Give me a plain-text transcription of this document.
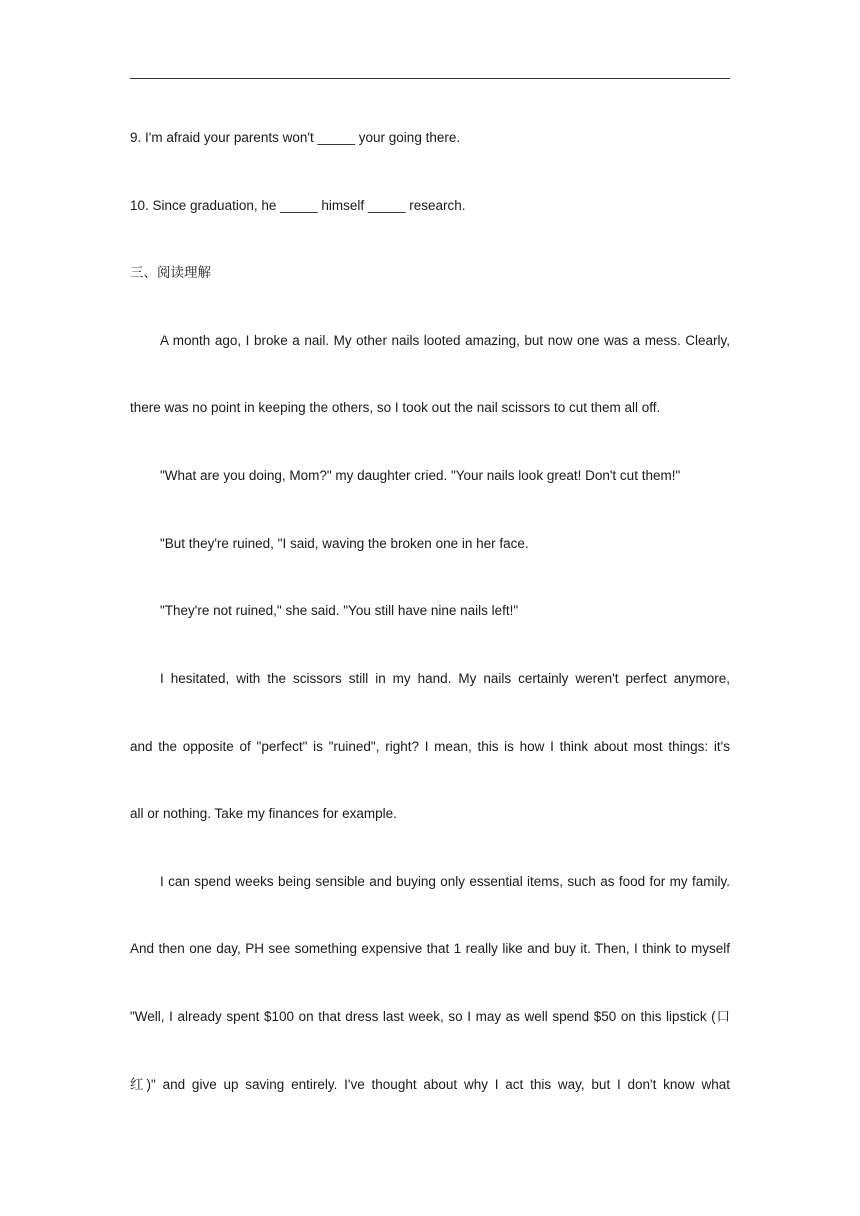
9. I'm afraid your parents won't _____ your going there.

10. Since graduation, he _____ himself _____ research.

三、阅读理解

A month ago, I broke a nail. My other nails looted amazing, but now one was a mess. Clearly,

there was no point in keeping the others, so I took out the nail scissors to cut them all off.

"What are you doing, Mom?" my daughter cried. "Your nails look great! Don't cut them!"

"But they're ruined, "I said, waving the broken one in her face.

"They're not ruined," she said. "You still have nine nails left!"

I hesitated, with the scissors still in my hand. My nails certainly weren't perfect anymore,

and the opposite of "perfect" is "ruined", right? I mean, this is how I think about most things: it's

all or nothing. Take my finances for example.

I can spend weeks being sensible and buying only essential items, such as food for my family.

And then one day, PH see something expensive that 1 really like and buy it. Then, I think to myself

"Well, I already spent $100 on that dress last week, so I may as well spend $50 on this lipstick (口

红)" and give up saving entirely. I've thought about why I act this way, but I don't know what
